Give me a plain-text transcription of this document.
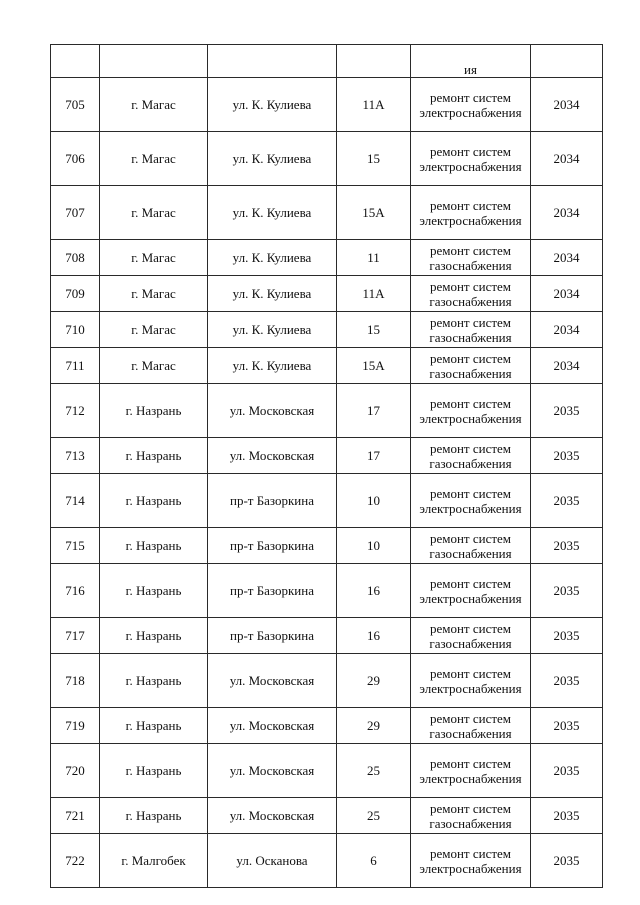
				ия	
705	г. Магас	ул. К. Кулиева	11А	ремонт систем электроснабжения	2034
706	г. Магас	ул. К. Кулиева	15	ремонт систем электроснабжения	2034
707	г. Магас	ул. К. Кулиева	15А	ремонт систем электроснабжения	2034
708	г. Магас	ул. К. Кулиева	11	ремонт систем газоснабжения	2034
709	г. Магас	ул. К. Кулиева	11А	ремонт систем газоснабжения	2034
710	г. Магас	ул. К. Кулиева	15	ремонт систем газоснабжения	2034
711	г. Магас	ул. К. Кулиева	15А	ремонт систем газоснабжения	2034
712	г. Назрань	ул. Московская	17	ремонт систем электроснабжения	2035
713	г. Назрань	ул. Московская	17	ремонт систем газоснабжения	2035
714	г. Назрань	пр-т Базоркина	10	ремонт систем электроснабжения	2035
715	г. Назрань	пр-т Базоркина	10	ремонт систем газоснабжения	2035
716	г. Назрань	пр-т Базоркина	16	ремонт систем электроснабжения	2035
717	г. Назрань	пр-т Базоркина	16	ремонт систем газоснабжения	2035
718	г. Назрань	ул. Московская	29	ремонт систем электроснабжения	2035
719	г. Назрань	ул. Московская	29	ремонт систем газоснабжения	2035
720	г. Назрань	ул. Московская	25	ремонт систем электроснабжения	2035
721	г. Назрань	ул. Московская	25	ремонт систем газоснабжения	2035
722	г. Малгобек	ул. Осканова	6	ремонт систем электроснабжения	2035
